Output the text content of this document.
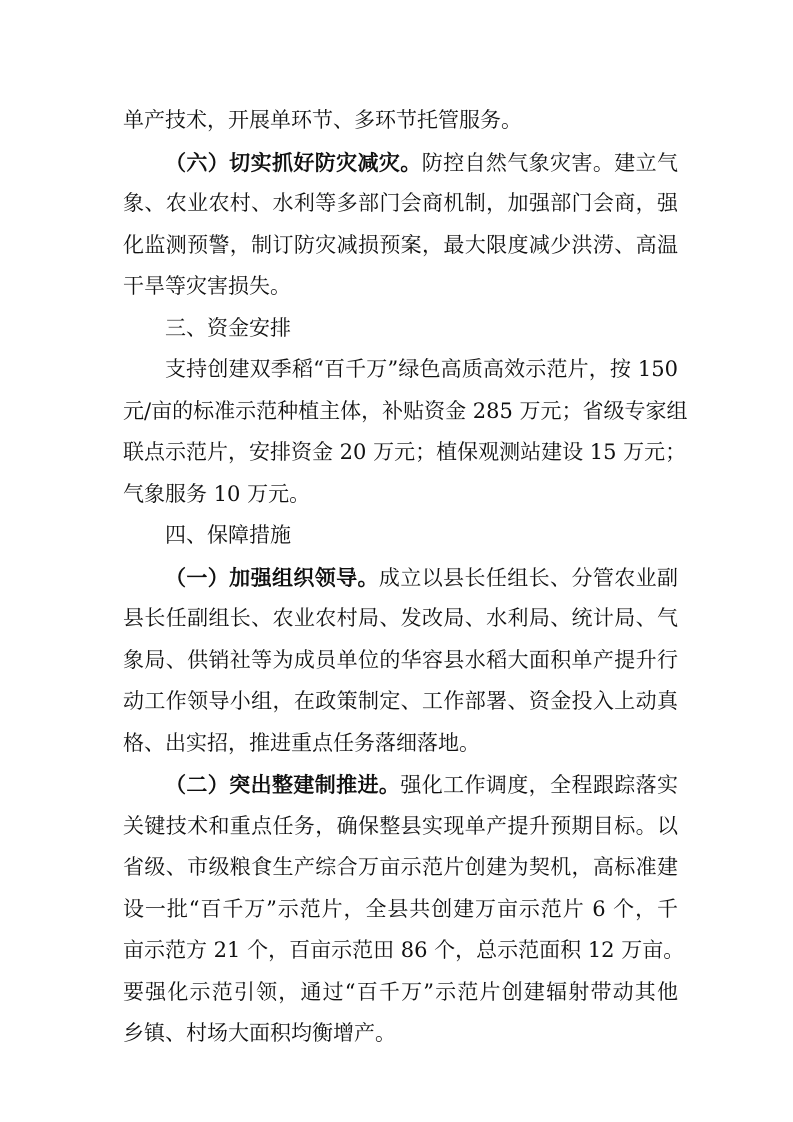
单产技术，开展单环节、多环节托管服务。
（六）切实抓好防灾减灾。防控自然气象灾害。建立气
象、农业农村、水利等多部门会商机制，加强部门会商，强
化监测预警，制订防灾减损预案，最大限度减少洪涝、高温
干旱等灾害损失。
三、资金安排
支持创建双季稻“百千万”绿色高质高效示范片，按 150
元/亩的标准示范种植主体，补贴资金 285 万元；省级专家组
联点示范片，安排资金 20 万元；植保观测站建设 15 万元；
气象服务 10 万元。
四、保障措施
（一）加强组织领导。成立以县长任组长、分管农业副
县长任副组长、农业农村局、发改局、水利局、统计局、气
象局、供销社等为成员单位的华容县水稻大面积单产提升行
动工作领导小组，在政策制定、工作部署、资金投入上动真
格、出实招，推进重点任务落细落地。
（二）突出整建制推进。强化工作调度，全程跟踪落实
关键技术和重点任务，确保整县实现单产提升预期目标。以
省级、市级粮食生产综合万亩示范片创建为契机，高标准建
设一批“百千万”示范片，全县共创建万亩示范片 6 个，千
亩示范方 21 个，百亩示范田 86 个，总示范面积 12 万亩。
要强化示范引领，通过“百千万”示范片创建辐射带动其他
乡镇、村场大面积均衡增产。
